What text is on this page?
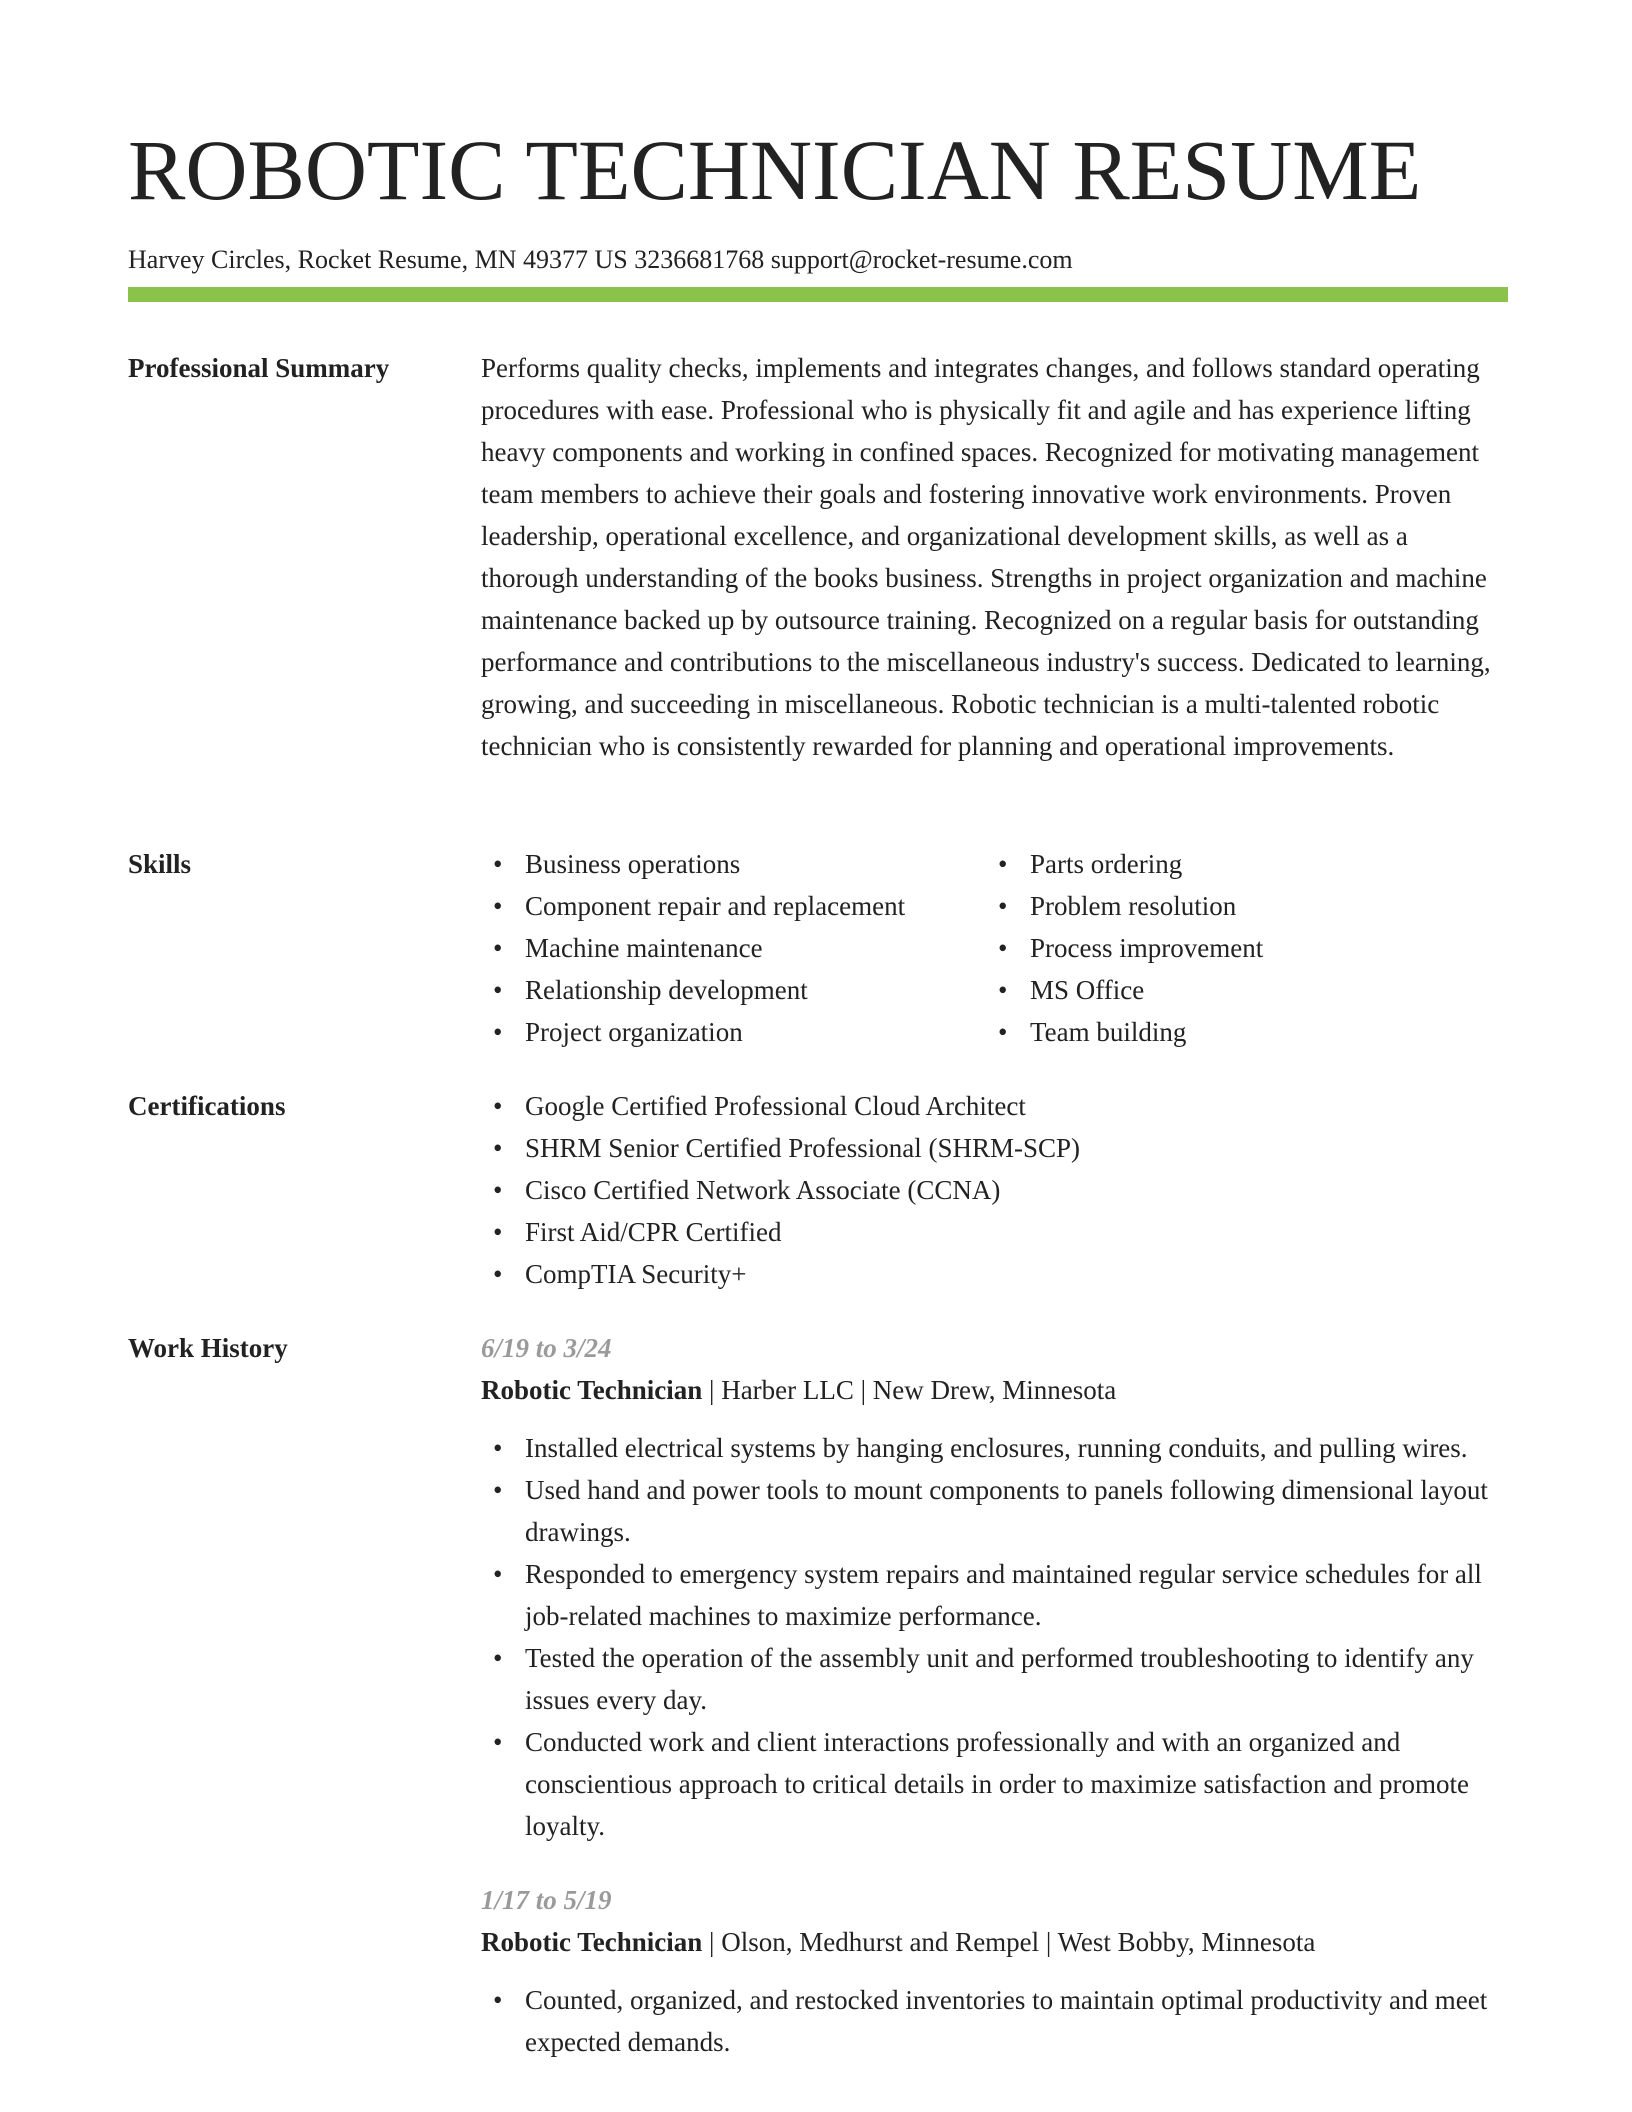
ROBOTIC TECHNICIAN RESUME
Harvey Circles, Rocket Resume, MN 49377 US 3236681768 support@rocket-resume.com
Professional Summary	Performs quality checks, implements and integrates changes, and follows standard operating procedures with ease. Professional who is physically fit and agile and has experience lifting heavy components and working in confined spaces. Recognized for motivating management team members to achieve their goals and fostering innovative work environments. Proven leadership, operational excellence, and organizational development skills, as well as a thorough understanding of the books business. Strengths in project organization and machine maintenance backed up by outsource training. Recognized on a regular basis for outstanding performance and contributions to the miscellaneous industry's success. Dedicated to learning, growing, and succeeding in miscellaneous. Robotic technician is a multi-talented robotic technician who is consistently rewarded for planning and operational improvements.

Skills	• Business operations
• Component repair and replacement
• Machine maintenance
• Relationship development
• Project organization
• Parts ordering
• Problem resolution
• Process improvement
• MS Office
• Team building
Certifications	• Google Certified Professional Cloud Architect
• SHRM Senior Certified Professional (SHRM-SCP)
• Cisco Certified Network Associate (CCNA)
• First Aid/CPR Certified
• CompTIA Security+
Work History	6/19 to 3/24
Robotic Technician | Harber LLC | New Drew, Minnesota
• Installed electrical systems by hanging enclosures, running conduits, and pulling wires.
• Used hand and power tools to mount components to panels following dimensional layout drawings.
• Responded to emergency system repairs and maintained regular service schedules for all job-related machines to maximize performance.
• Tested the operation of the assembly unit and performed troubleshooting to identify any issues every day.
• Conducted work and client interactions professionally and with an organized and conscientious approach to critical details in order to maximize satisfaction and promote loyalty.
1/17 to 5/19
Robotic Technician | Olson, Medhurst and Rempel | West Bobby, Minnesota
• Counted, organized, and restocked inventories to maintain optimal productivity and meet expected demands.
